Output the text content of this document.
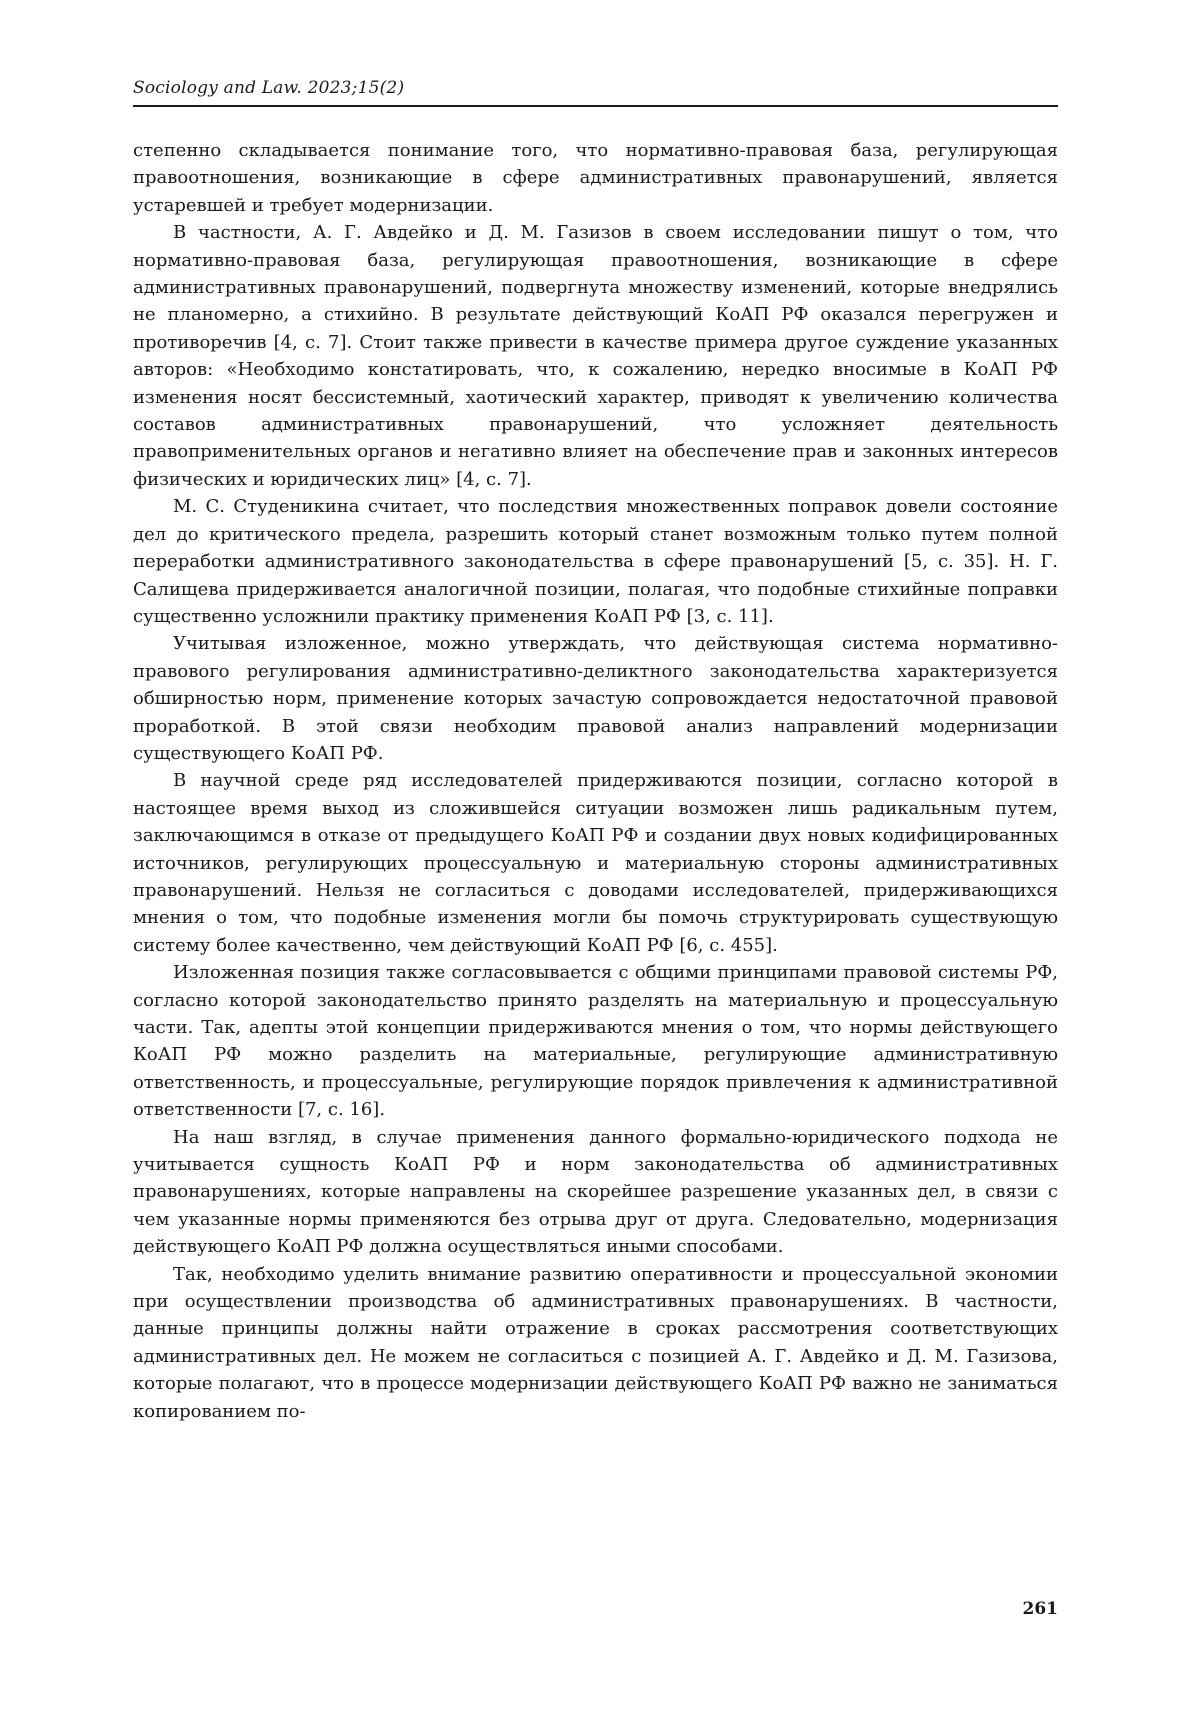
Sociology and Law. 2023;15(2)

степенно складывается понимание того, что нормативно-правовая база, регулирующая правоотношения, возникающие в сфере административных правонарушений, является устаревшей и требует модернизации.

В частности, А. Г. Авдейко и Д. М. Газизов в своем исследовании пишут о том, что нормативно-правовая база, регулирующая правоотношения, возникающие в сфере административных правонарушений, подвергнута множеству изменений, которые внедрялись не планомерно, а стихийно. В результате действующий КоАП РФ оказался перегружен и противоречив [4, с. 7]. Стоит также привести в качестве примера другое суждение указанных авторов: «Необходимо констатировать, что, к сожалению, нередко вносимые в КоАП РФ изменения носят бессистемный, хаотический характер, приводят к увеличению количества составов административных правонарушений, что усложняет деятельность правоприменительных органов и негативно влияет на обеспечение прав и законных интересов физических и юридических лиц» [4, с. 7].

М. С. Студеникина считает, что последствия множественных поправок довели состояние дел до критического предела, разрешить который станет возможным только путем полной переработки административного законодательства в сфере правонарушений [5, с. 35]. Н. Г. Салищева придерживается аналогичной позиции, полагая, что подобные стихийные поправки существенно усложнили практику применения КоАП РФ [3, с. 11].

Учитывая изложенное, можно утверждать, что действующая система нормативно-правового регулирования административно-деликтного законодательства характеризуется обширностью норм, применение которых зачастую сопровождается недостаточной правовой проработкой. В этой связи необходим правовой анализ направлений модернизации существующего КоАП РФ.

В научной среде ряд исследователей придерживаются позиции, согласно которой в настоящее время выход из сложившейся ситуации возможен лишь радикальным путем, заключающимся в отказе от предыдущего КоАП РФ и создании двух новых кодифицированных источников, регулирующих процессуальную и материальную стороны административных правонарушений. Нельзя не согласиться с доводами исследователей, придерживающихся мнения о том, что подобные изменения могли бы помочь структурировать существующую систему более качественно, чем действующий КоАП РФ [6, с. 455].

Изложенная позиция также согласовывается с общими принципами правовой системы РФ, согласно которой законодательство принято разделять на материальную и процессуальную части. Так, адепты этой концепции придерживаются мнения о том, что нормы действующего КоАП РФ можно разделить на материальные, регулирующие административную ответственность, и процессуальные, регулирующие порядок привлечения к административной ответственности [7, с. 16].

На наш взгляд, в случае применения данного формально-юридического подхода не учитывается сущность КоАП РФ и норм законодательства об административных правонарушениях, которые направлены на скорейшее разрешение указанных дел, в связи с чем указанные нормы применяются без отрыва друг от друга. Следовательно, модернизация действующего КоАП РФ должна осуществляться иными способами.

Так, необходимо уделить внимание развитию оперативности и процессуальной экономии при осуществлении производства об административных правонарушениях. В частности, данные принципы должны найти отражение в сроках рассмотрения соответствующих административных дел. Не можем не согласиться с позицией А. Г. Авдейко и Д. М. Газизова, которые полагают, что в процессе модернизации действующего КоАП РФ важно не заниматься копированием по-

261
